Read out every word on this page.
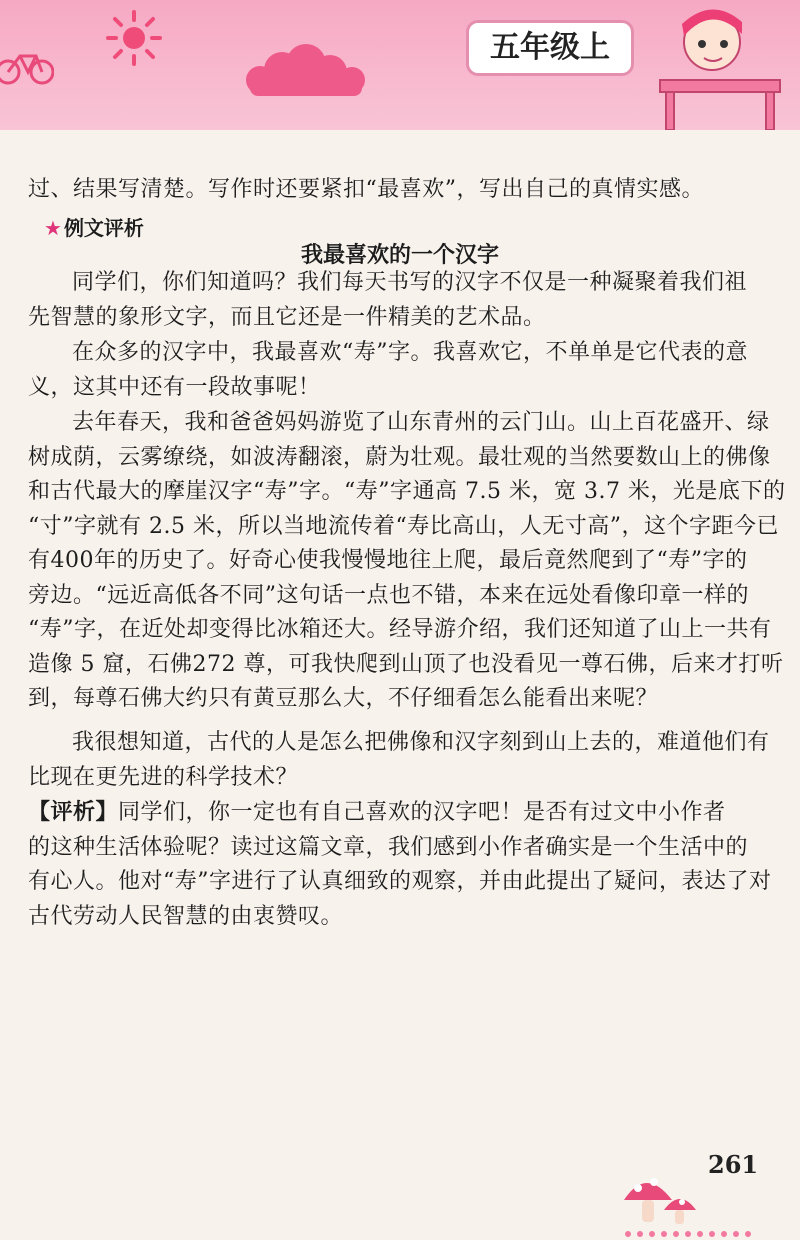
五年级上

过、结果写清楚。写作时还要紧扣“最喜欢”，写出自己的真情实感。

★ 例文评析
我最喜欢的一个汉字
同学们，你们知道吗？我们每天书写的汉字不仅是一种凝聚着我们祖
先智慧的象形文字，而且它还是一件精美的艺术品。
在众多的汉字中，我最喜欢“寿”字。我喜欢它，不单单是它代表的意
义，这其中还有一段故事呢！
去年春天，我和爸爸妈妈游览了山东青州的云门山。山上百花盛开、绿
树成荫，云雾缭绕，如波涛翻滚，蔚为壮观。最壮观的当然要数山上的佛像
和古代最大的摩崖汉字“寿”字。“寿”字通高 7.5 米，宽 3.7 米，光是底下的
“寸”字就有 2.5 米，所以当地流传着“寿比高山，人无寸高”，这个字距今已
有400年的历史了。好奇心使我慢慢地往上爬，最后竟然爬到了“寿”字的
旁边。“远近高低各不同”这句话一点也不错，本来在远处看像印章一样的
“寿”字，在近处却变得比冰箱还大。经导游介绍，我们还知道了山上一共有
造像 5 窟，石佛272 尊，可我快爬到山顶了也没看见一尊石佛，后来才打听
到，每尊石佛大约只有黄豆那么大，不仔细看怎么能看出来呢？
我很想知道，古代的人是怎么把佛像和汉字刻到山上去的，难道他们有
比现在更先进的科学技术？
【评析】同学们，你一定也有自己喜欢的汉字吧！是否有过文中小作者
的这种生活体验呢？读过这篇文章，我们感到小作者确实是一个生活中的
有心人。他对“寿”字进行了认真细致的观察，并由此提出了疑问，表达了对
古代劳动人民智慧的由衷赞叹。
261
